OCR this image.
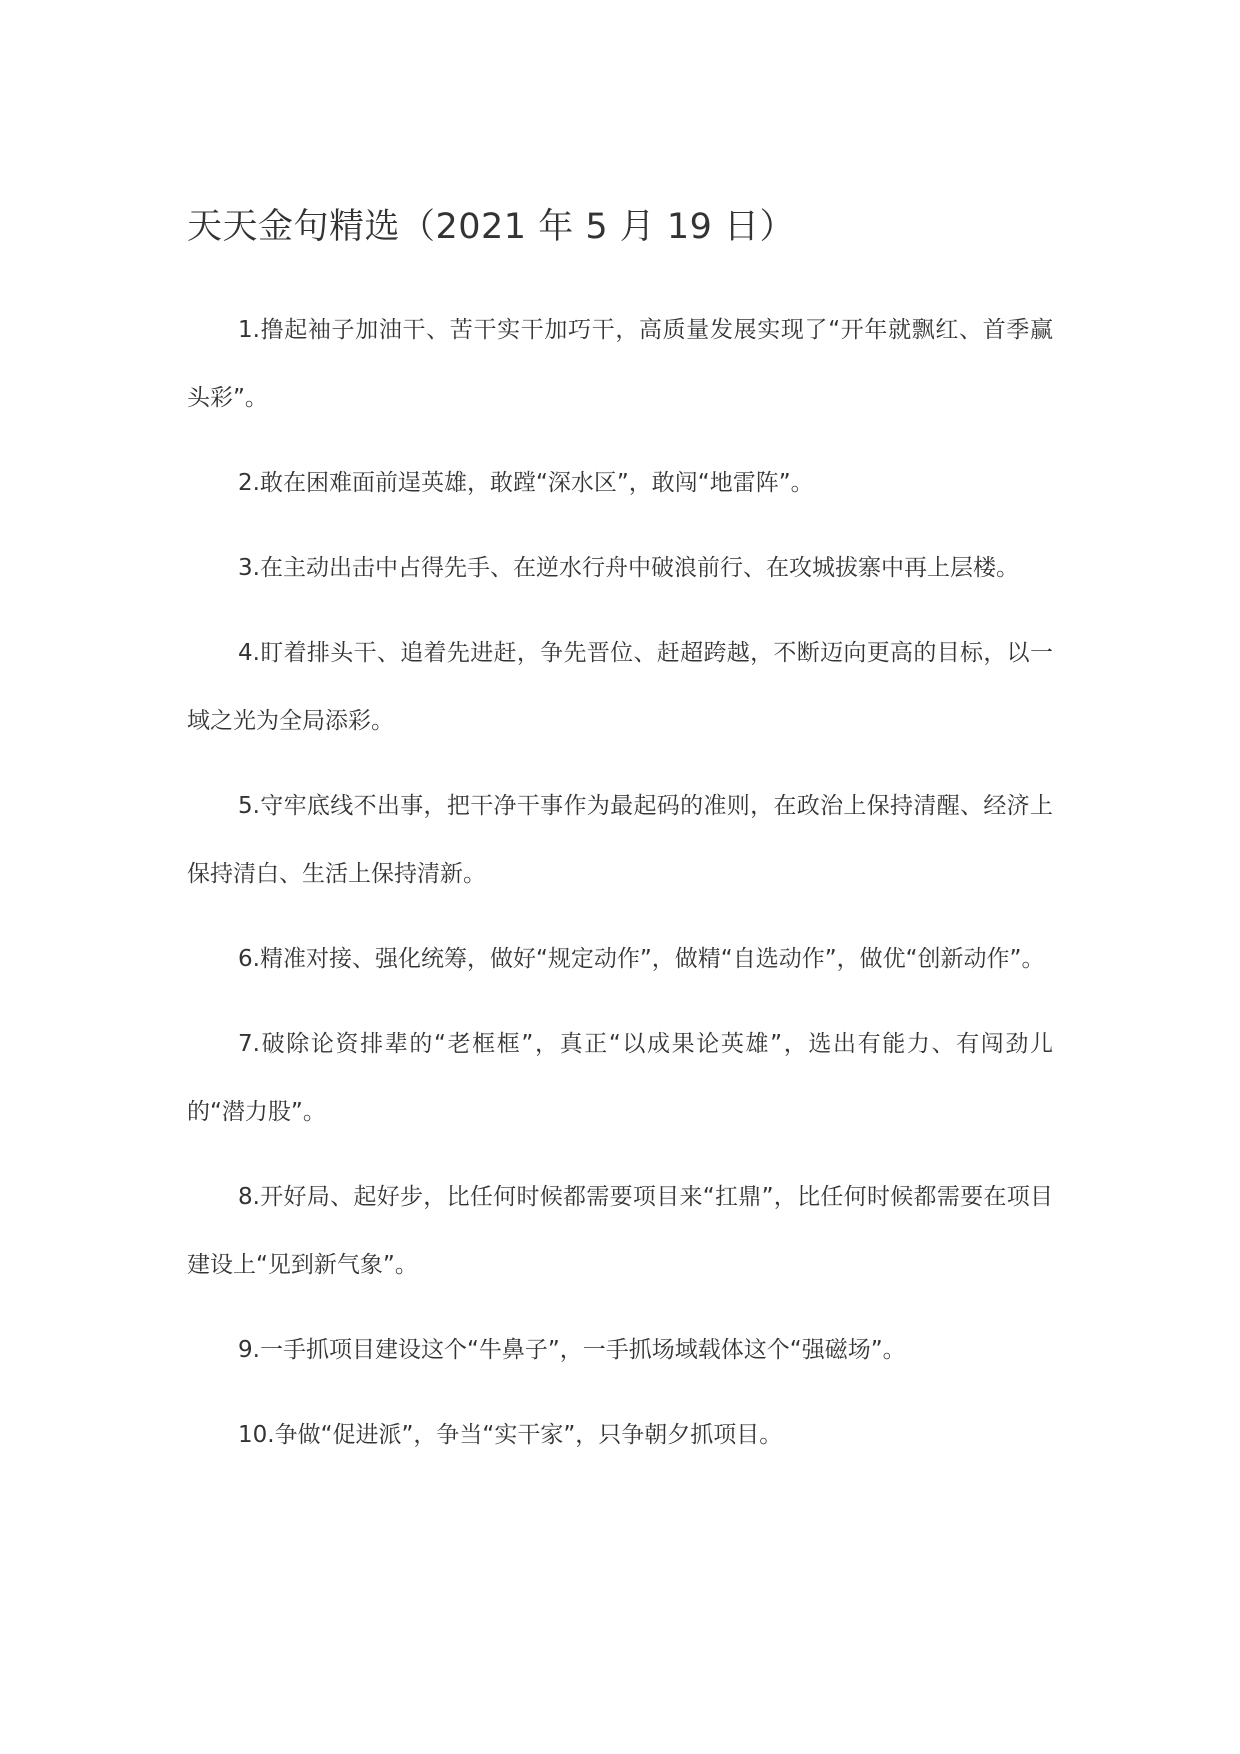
天天金句精选（2021 年 5 月 19 日）

1.撸起袖子加油干、苦干实干加巧干，高质量发展实现了“开年就飘红、首季赢头彩”。

2.敢在困难面前逞英雄，敢蹚“深水区”，敢闯“地雷阵”。

3.在主动出击中占得先手、在逆水行舟中破浪前行、在攻城拔寨中再上层楼。

4.盯着排头干、追着先进赶，争先晋位、赶超跨越，不断迈向更高的目标，以一域之光为全局添彩。

5.守牢底线不出事，把干净干事作为最起码的准则，在政治上保持清醒、经济上保持清白、生活上保持清新。

6.精准对接、强化统筹，做好“规定动作”，做精“自选动作”，做优“创新动作”。

7.破除论资排辈的“老框框”，真正“以成果论英雄”，选出有能力、有闯劲儿的“潜力股”。

8.开好局、起好步，比任何时候都需要项目来“扛鼎”，比任何时候都需要在项目建设上“见到新气象”。

9.一手抓项目建设这个“牛鼻子”，一手抓场域载体这个“强磁场”。

10.争做“促进派”，争当“实干家”，只争朝夕抓项目。
